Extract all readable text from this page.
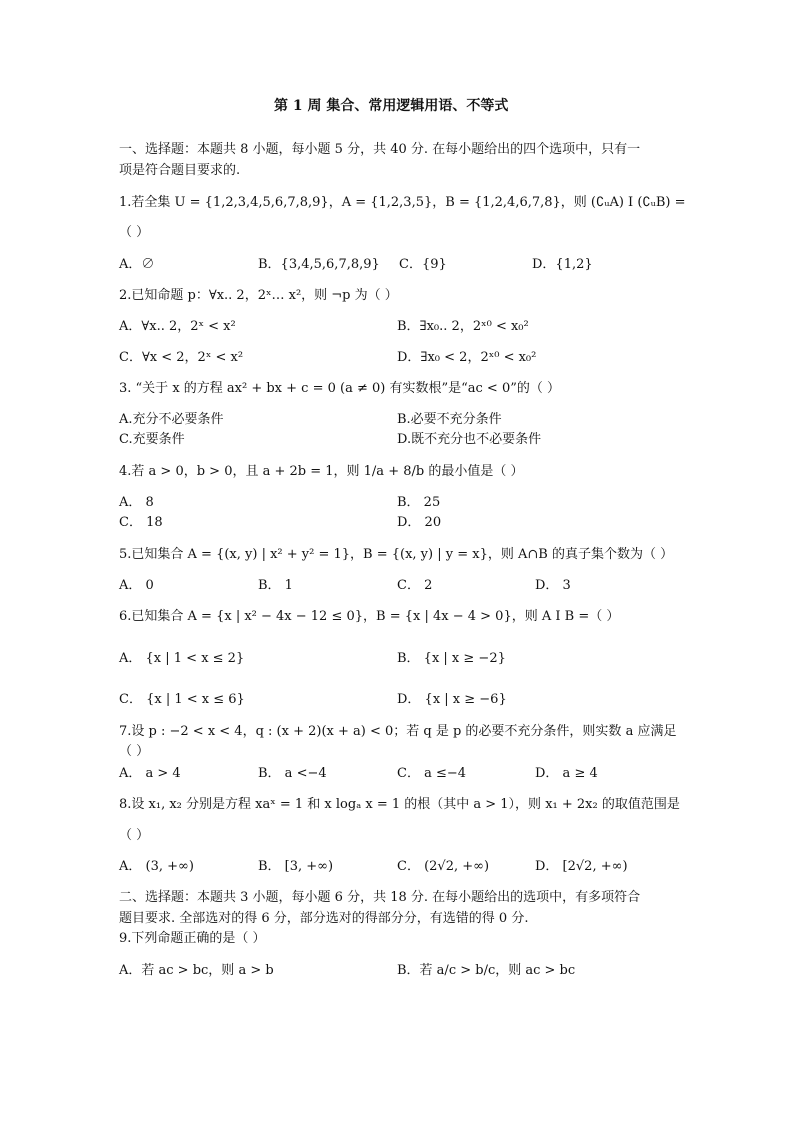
第 1 周 集合、常用逻辑用语、不等式
一、选择题：本题共 8 小题，每小题 5 分，共 40 分. 在每小题给出的四个选项中，只有一
项是符合题目要求的.
1.若全集 U = {1,2,3,4,5,6,7,8,9}，A = {1,2,3,5}，B = {1,2,4,6,7,8}，则 (∁ᵤA) I (∁ᵤB) =
（ ）
A．∅	B．{3,4,5,6,7,8,9} C．{9}	D．{1,2}
2.已知命题 p：∀x.. 2，2ˣ… x²，则 ¬p 为（ ）
A．∀x.. 2，2ˣ < x²	B．∃x₀.. 2，2ˣ⁰ < x₀²
C．∀x < 2，2ˣ < x²	D．∃x₀ < 2，2ˣ⁰ < x₀²
3. “关于 x 的方程 ax² + bx + c = 0 (a ≠ 0) 有实数根”是“ac < 0”的（ ）
A.充分不必要条件	B.必要不充分条件
C.充要条件	D.既不充分也不必要条件
4.若 a > 0，b > 0，且 a + 2b = 1，则 1/a + 8/b 的最小值是（ ）
A． 8	B． 25
C． 18	D． 20
5.已知集合 A = {(x, y) | x² + y² = 1}，B = {(x, y) | y = x}，则 A∩B 的真子集个数为（ ）
A． 0	B． 1	C． 2	D． 3
6.已知集合 A = {x | x² − 4x − 12 ≤ 0}，B = {x | 4x − 4 > 0}，则 A I B =（ ）
A． {x | 1 < x ≤ 2}	B． {x | x ≥ −2}
C． {x | 1 < x ≤ 6}	D． {x | x ≥ −6}
7.设 p : −2 < x < 4，q : (x + 2)(x + a) < 0；若 q 是 p 的必要不充分条件，则实数 a 应满足
（ ）
A． a > 4	B． a <−4	C． a ≤−4	D． a ≥ 4
8.设 x₁, x₂ 分别是方程 xaˣ = 1 和 x logₐ x = 1 的根（其中 a > 1），则 x₁ + 2x₂ 的取值范围是
（ ）
A． (3, +∞)	B． [3, +∞)	C． (2√2, +∞)	D． [2√2, +∞)
二、选择题：本题共 3 小题，每小题 6 分，共 18 分. 在每小题给出的选项中，有多项符合
题目要求. 全部选对的得 6 分，部分选对的得部分分，有选错的得 0 分.
9.下列命题正确的是（ ）
A．若 ac > bc，则 a > b	B．若 a/c > b/c，则 ac > bc
